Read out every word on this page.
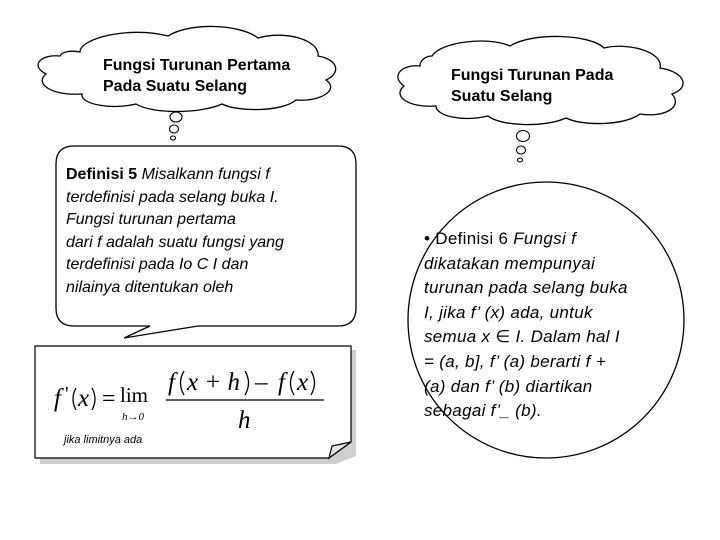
Fungsi Turunan Pertama
Pada Suatu Selang
Fungsi Turunan Pada
Suatu Selang
Definisi 5 Misalkann fungsi f
terdefinisi pada selang buka I.
Fungsi turunan pertama
dari f adalah suatu fungsi yang
terdefinisi pada Io C I dan
nilainya ditentukan oleh
f ' x = lim
h→0
f x + h – f x
h
jika limitnya ada
• Definisi 6 Fungsi f
dikatakan mempunyai
turunan pada selang buka
I, jika f’ (x) ada, untuk
semua x ∈ I. Dalam hal I
= (a, b], f’ (a) berarti f +
(a) dan f’ (b) diartikan
sebagai f’_ (b).
